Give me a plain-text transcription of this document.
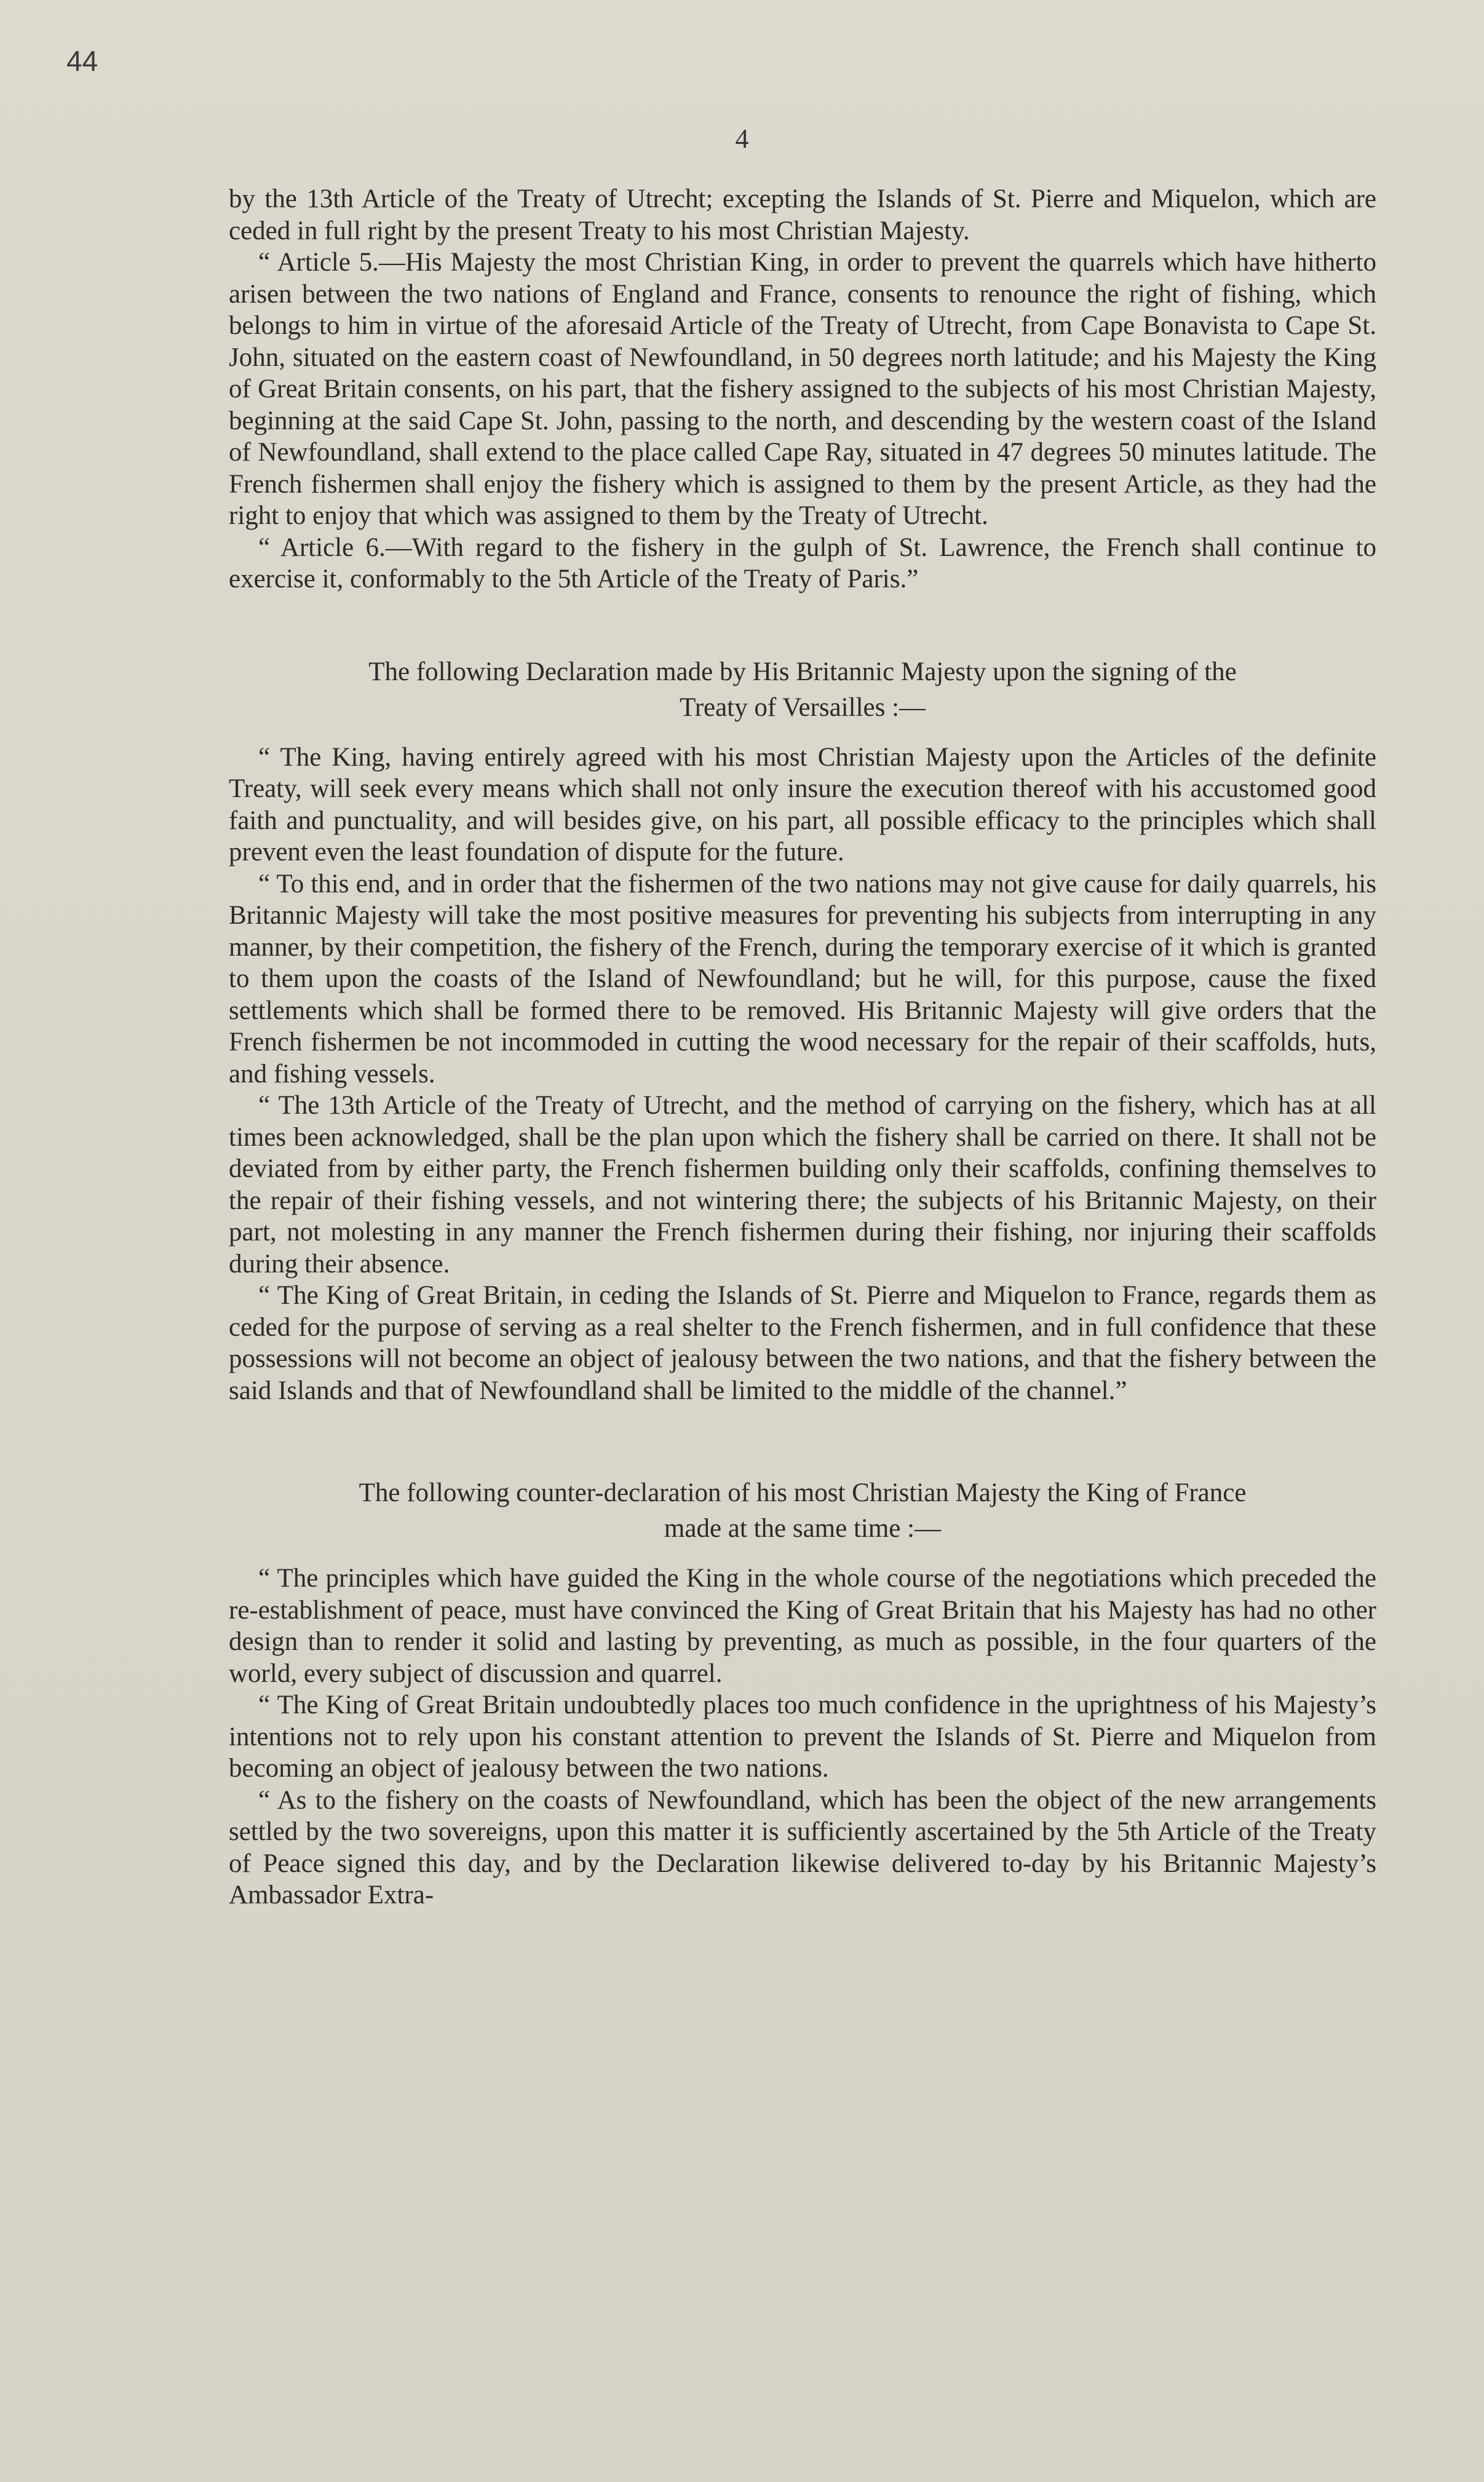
44
4

by the 13th Article of the Treaty of Utrecht; excepting the Islands of St. Pierre and Miquelon, which are ceded in full right by the present Treaty to his most Christian Majesty.

“ Article 5.—His Majesty the most Christian King, in order to prevent the quarrels which have hitherto arisen between the two nations of England and France, consents to renounce the right of fishing, which belongs to him in virtue of the aforesaid Article of the Treaty of Utrecht, from Cape Bonavista to Cape St. John, situated on the eastern coast of Newfoundland, in 50 degrees north latitude; and his Majesty the King of Great Britain consents, on his part, that the fishery assigned to the subjects of his most Christian Majesty, beginning at the said Cape St. John, passing to the north, and descending by the western coast of the Island of Newfoundland, shall extend to the place called Cape Ray, situated in 47 degrees 50 minutes latitude. The French fishermen shall enjoy the fishery which is assigned to them by the present Article, as they had the right to enjoy that which was assigned to them by the Treaty of Utrecht.

“ Article 6.—With regard to the fishery in the gulph of St. Lawrence, the French shall continue to exercise it, conformably to the 5th Article of the Treaty of Paris.”

The following Declaration made by His Britannic Majesty upon the signing of the
Treaty of Versailles :—

“ The King, having entirely agreed with his most Christian Majesty upon the Articles of the definite Treaty, will seek every means which shall not only insure the execution thereof with his accustomed good faith and punctuality, and will besides give, on his part, all possible efficacy to the principles which shall prevent even the least foundation of dispute for the future.

“ To this end, and in order that the fishermen of the two nations may not give cause for daily quarrels, his Britannic Majesty will take the most positive measures for preventing his subjects from interrupting in any manner, by their competition, the fishery of the French, during the temporary exercise of it which is granted to them upon the coasts of the Island of Newfoundland; but he will, for this purpose, cause the fixed settlements which shall be formed there to be removed. His Britannic Majesty will give orders that the French fishermen be not incommoded in cutting the wood necessary for the repair of their scaffolds, huts, and fishing vessels.

“ The 13th Article of the Treaty of Utrecht, and the method of carrying on the fishery, which has at all times been acknowledged, shall be the plan upon which the fishery shall be carried on there. It shall not be deviated from by either party, the French fishermen building only their scaffolds, confining themselves to the repair of their fishing vessels, and not wintering there; the subjects of his Britannic Majesty, on their part, not molesting in any manner the French fishermen during their fishing, nor injuring their scaffolds during their absence.

“ The King of Great Britain, in ceding the Islands of St. Pierre and Miquelon to France, regards them as ceded for the purpose of serving as a real shelter to the French fishermen, and in full confidence that these possessions will not become an object of jealousy between the two nations, and that the fishery between the said Islands and that of Newfoundland shall be limited to the middle of the channel.”

The following counter-declaration of his most Christian Majesty the King of France
made at the same time :—

“ The principles which have guided the King in the whole course of the negotiations which preceded the re-establishment of peace, must have convinced the King of Great Britain that his Majesty has had no other design than to render it solid and lasting by preventing, as much as possible, in the four quarters of the world, every subject of discussion and quarrel.

“ The King of Great Britain undoubtedly places too much confidence in the uprightness of his Majesty’s intentions not to rely upon his constant attention to prevent the Islands of St. Pierre and Miquelon from becoming an object of jealousy between the two nations.

“ As to the fishery on the coasts of Newfoundland, which has been the object of the new arrangements settled by the two sovereigns, upon this matter it is sufficiently ascertained by the 5th Article of the Treaty of Peace signed this day, and by the Declaration likewise delivered to-day by his Britannic Majesty’s Ambassador Extra-
